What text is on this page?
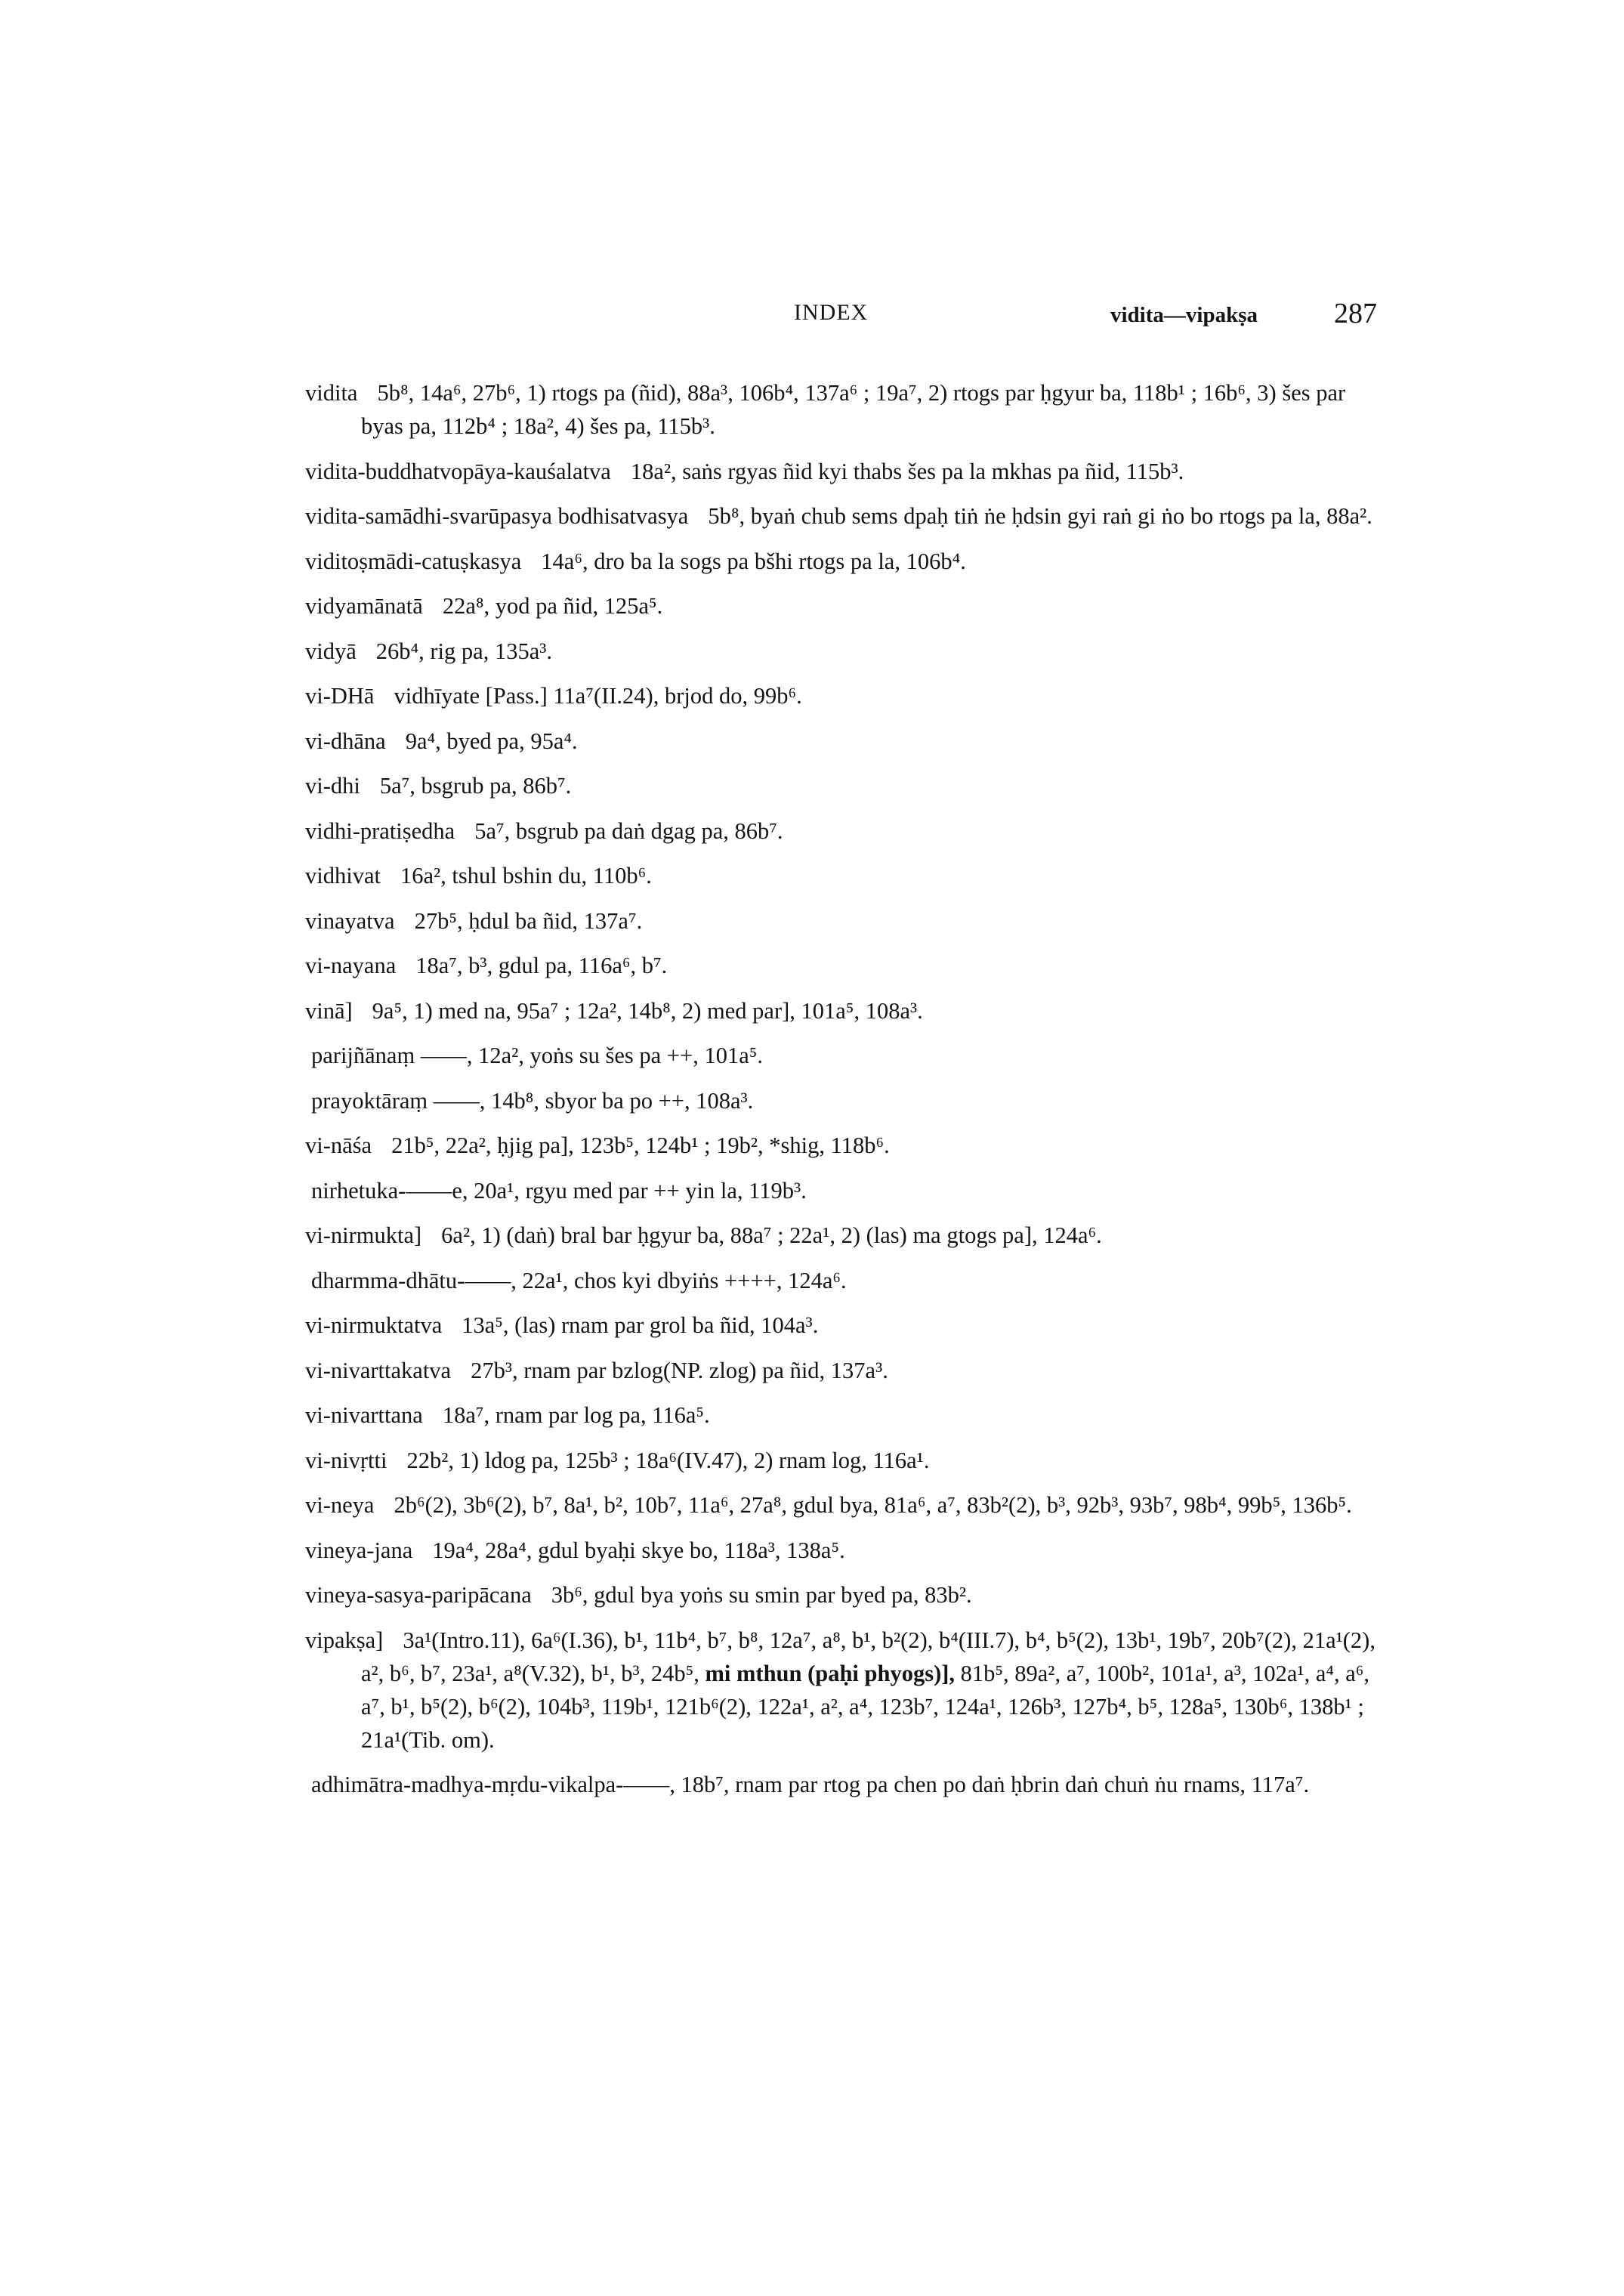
INDEX	vidita—vipakṣa	287
vidita 5b⁸, 14a⁶, 27b⁶, 1) rtogs pa (ñid), 88a³, 106b⁴, 137a⁶ ; 19a⁷, 2) rtogs par ḥgyur ba, 118b¹ ; 16b⁶, 3) šes par byas pa, 112b⁴ ; 18a², 4) šes pa, 115b³.
vidita-buddhatvopāya-kauśalatva 18a², saṅs rgyas ñid kyi thabs šes pa la mkhas pa ñid, 115b³.
vidita-samādhi-svarūpasya bodhisatvasya 5b⁸, byaṅ chub sems dpaḥ tiṅ ṅe ḥdsin gyi raṅ gi ṅo bo rtogs pa la, 88a².
viditoṣmādi-catuṣkasya 14a⁶, dro ba la sogs pa bšhi rtogs pa la, 106b⁴.
vidyamānatā 22a⁸, yod pa ñid, 125a⁵.
vidyā 26b⁴, rig pa, 135a³.
vi-DHā vidhīyate [Pass.] 11a⁷(II.24), brjod do, 99b⁶.
vi-dhāna 9a⁴, byed pa, 95a⁴.
vi-dhi 5a⁷, bsgrub pa, 86b⁷.
vidhi-pratiṣedha 5a⁷, bsgrub pa daṅ dgag pa, 86b⁷.
vidhivat 16a², tshul bshin du, 110b⁶.
vinayatva 27b⁵, ḥdul ba ñid, 137a⁷.
vi-nayana 18a⁷, b³, gdul pa, 116a⁶, b⁷.
vinā] 9a⁵, 1) med na, 95a⁷ ; 12a², 14b⁸, 2) med par], 101a⁵, 108a³.
parijñānaṃ ——, 12a², yoṅs su šes pa ++, 101a⁵.
prayoktāraṃ ——, 14b⁸, sbyor ba po ++, 108a³.
vi-nāśa 21b⁵, 22a², ḥjig pa], 123b⁵, 124b¹ ; 19b², *shig, 118b⁶.
nirhetuka-——e, 20a¹, rgyu med par ++ yin la, 119b³.
vi-nirmukta] 6a², 1) (daṅ) bral bar ḥgyur ba, 88a⁷ ; 22a¹, 2) (las) ma gtogs pa], 124a⁶.
dharmma-dhātu-——, 22a¹, chos kyi dbyiṅs ++++, 124a⁶.
vi-nirmuktatva 13a⁵, (las) rnam par grol ba ñid, 104a³.
vi-nivarttakatva 27b³, rnam par bzlog(NP. zlog) pa ñid, 137a³.
vi-nivarttana 18a⁷, rnam par log pa, 116a⁵.
vi-nivṛtti 22b², 1) ldog pa, 125b³ ; 18a⁶(IV.47), 2) rnam log, 116a¹.
vi-neya 2b⁶(2), 3b⁶(2), b⁷, 8a¹, b², 10b⁷, 11a⁶, 27a⁸, gdul bya, 81a⁶, a⁷, 83b²(2), b³, 92b³, 93b⁷, 98b⁴, 99b⁵, 136b⁵.
vineya-jana 19a⁴, 28a⁴, gdul byaḥi skye bo, 118a³, 138a⁵.
vineya-sasya-paripācana 3b⁶, gdul bya yoṅs su smin par byed pa, 83b².
vipakṣa] 3a¹(Intro.11), 6a⁶(I.36), b¹, 11b⁴, b⁷, b⁸, 12a⁷, a⁸, b¹, b²(2), b⁴(III.7), b⁴, b⁵(2), 13b¹, 19b⁷, 20b⁷(2), 21a¹(2), a², b⁶, b⁷, 23a¹, a⁸(V.32), b¹, b³, 24b⁵, mi mthun (paḥi phyogs)], 81b⁵, 89a², a⁷, 100b², 101a¹, a³, 102a¹, a⁴, a⁶, a⁷, b¹, b⁵(2), b⁶(2), 104b³, 119b¹, 121b⁶(2), 122a¹, a², a⁴, 123b⁷, 124a¹, 126b³, 127b⁴, b⁵, 128a⁵, 130b⁶, 138b¹ ; 21a¹(Tib. om).
adhimātra-madhya-mṛdu-vikalpa-——, 18b⁷, rnam par rtog pa chen po daṅ ḥbrin daṅ chuṅ ṅu rnams, 117a⁷.
